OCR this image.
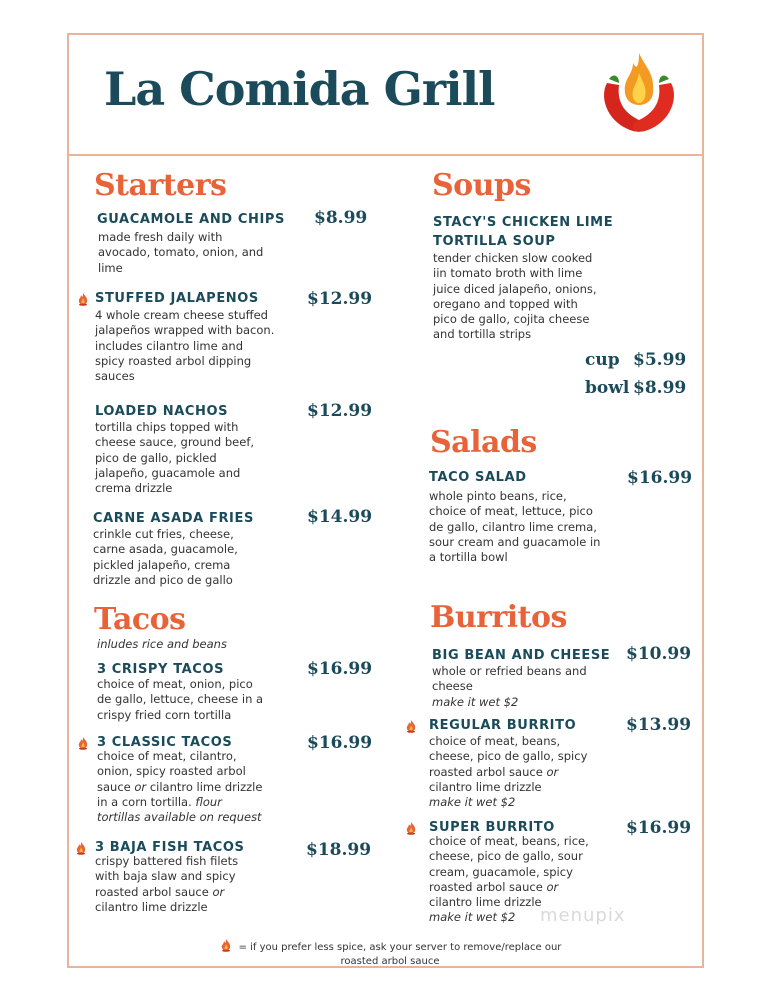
La Comida Grill
Starters
GUACAMOLE AND CHIPS $8.99
made fresh daily with
avocado, tomato, onion, and
lime
STUFFED JALAPENOS	$12.99
4 whole cream cheese stuffed
jalapeños wrapped with bacon.
includes cilantro lime and
spicy roasted arbol dipping
sauces
LOADED NACHOS	$12.99
tortilla chips topped with
cheese sauce, ground beef,
pico de gallo, pickled
jalapeño, guacamole and
crema drizzle
CARNE ASADA FRIES	$14.99
crinkle cut fries, cheese,
carne asada, guacamole,
pickled jalapeño, crema
drizzle and pico de gallo
Tacos
inludes rice and beans
3 CRISPY TACOS	$16.99
choice of meat, onion, pico
de gallo, lettuce, cheese in a
crispy fried corn tortilla
3 CLASSIC TACOS	$16.99
choice of meat, cilantro,
onion, spicy roasted arbol
sauce or cilantro lime drizzle
in a corn tortilla. flour
tortillas available on request
3 BAJA FISH TACOS	$18.99
crispy battered fish filets
with baja slaw and spicy
roasted arbol sauce or
cilantro lime drizzle
Soups
STACY'S CHICKEN LIME
TORTILLA SOUP
tender chicken slow cooked
iin tomato broth with lime
juice diced jalapeño, onions,
oregano and topped with
pico de gallo, cojita cheese
and tortilla strips
cup $5.99
bowl $8.99
Salads
TACO SALAD	$16.99
whole pinto beans, rice,
choice of meat, lettuce, pico
de gallo, cilantro lime crema,
sour cream and guacamole in
a tortilla bowl
Burritos
BIG BEAN AND CHEESE $10.99
whole or refried beans and
cheese
make it wet $2
REGULAR BURRITO	$13.99
choice of meat, beans,
cheese, pico de gallo, spicy
roasted arbol sauce or
cilantro lime drizzle
make it wet $2
SUPER BURRITO	$16.99
choice of meat, beans, rice,
cheese, pico de gallo, sour
cream, guacamole, spicy
roasted arbol sauce or
cilantro lime drizzle
make it wet $2	menupix
= if you prefer less spice, ask your server to remove/replace our
roasted arbol sauce
